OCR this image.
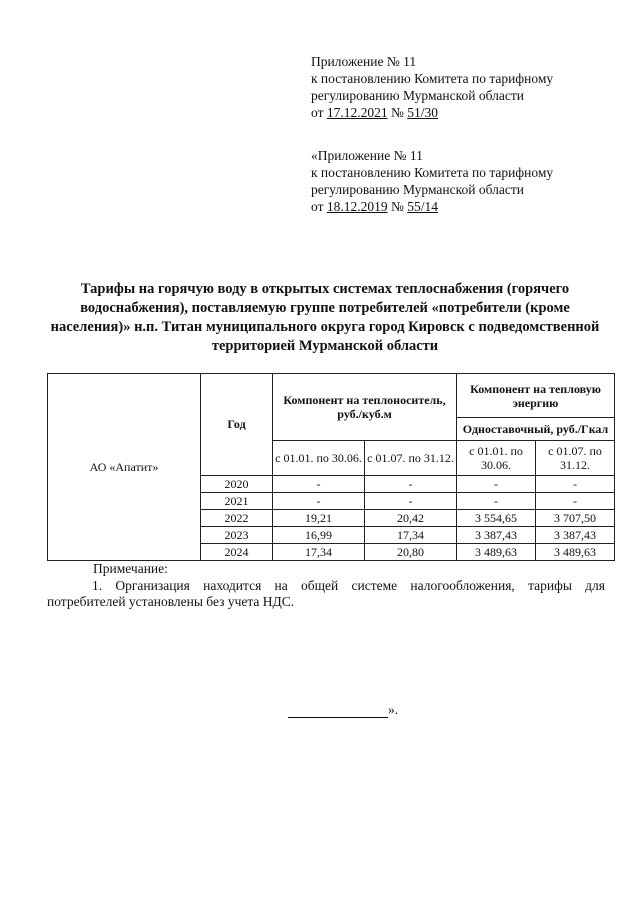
Приложение № 11
к постановлению Комитета по тарифному
регулированию Мурманской области
от 17.12.2021 № 51/30
«Приложение № 11
к постановлению Комитета по тарифному
регулированию Мурманской области
от 18.12.2019 № 55/14
Тарифы на горячую воду в открытых системах теплоснабжения (горячего водоснабжения), поставляемую группе потребителей «потребители (кроме населения)» н.п. Титан муниципального округа город Кировск с подведомственной территорией Мурманской области
АО «Апатит»	Год	Компонент на теплоноситель, руб./куб.м		Компонент на тепловую энергию	
				Одноставочный, руб./Гкал	
		с 01.01. по 30.06.	с 01.07. по 31.12.	с 01.01. по 30.06.	с 01.07. по 31.12.
	2020	-	-	-	-
	2021	-	-	-	-
	2022	19,21	20,42	3 554,65	3 707,50
	2023	16,99	17,34	3 387,43	3 387,43
	2024	17,34	20,80	3 489,63	3 489,63
Примечание:
1. Организация находится на общей системе налогообложения, тарифы для потребителей установлены без учета НДС.
».
